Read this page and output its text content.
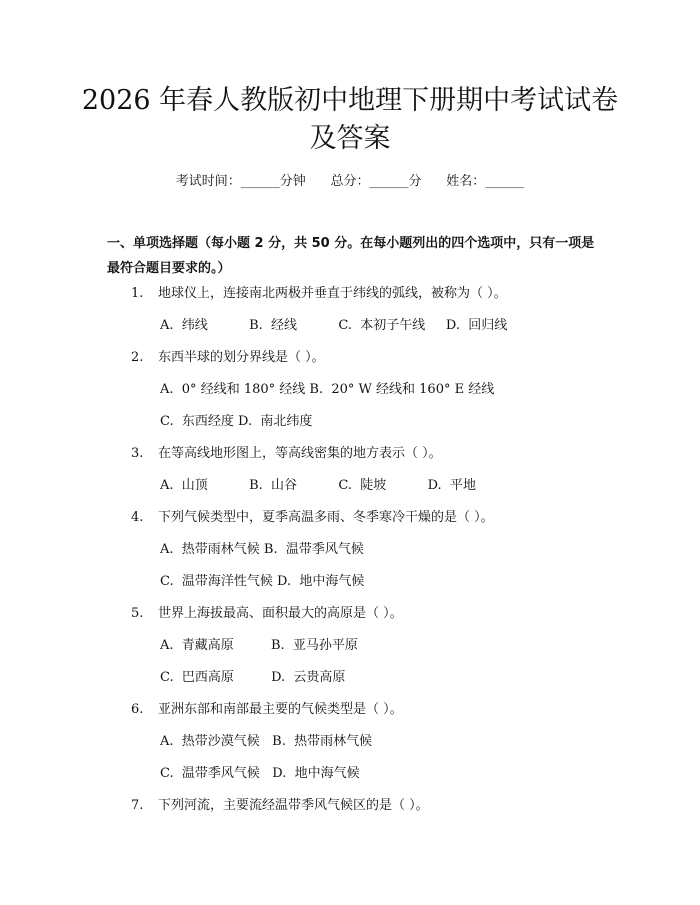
2026 年春人教版初中地理下册期中考试试卷
及答案
考试时间：______分钟      总分：______分      姓名：______
一、单项选择题（每小题 2 分，共 50 分。在每小题列出的四个选项中，只有一项是最符合题目要求的。）
1. 地球仪上，连接南北两极并垂直于纬线的弧线，被称为（ ）。
A.  纬线          B.  经线          C.  本初子午线     D.  回归线
2. 东西半球的划分界线是（ ）。
A.  0° 经线和 180° 经线 B.  20° W 经线和 160° E 经线
C.  东西经度 D.  南北纬度
3. 在等高线地形图上，等高线密集的地方表示（ ）。
A.  山顶          B.  山谷          C.  陡坡          D.  平地
4. 下列气候类型中，夏季高温多雨、冬季寒冷干燥的是（ ）。
A.  热带雨林气候 B.  温带季风气候
C.  温带海洋性气候 D.  地中海气候
5. 世界上海拔最高、面积最大的高原是（ ）。
A.  青藏高原         B.  亚马孙平原
C.  巴西高原         D.  云贵高原
6. 亚洲东部和南部最主要的气候类型是（ ）。
A.  热带沙漠气候   B.  热带雨林气候
C.  温带季风气候   D.  地中海气候
7. 下列河流，主要流经温带季风气候区的是（ ）。
